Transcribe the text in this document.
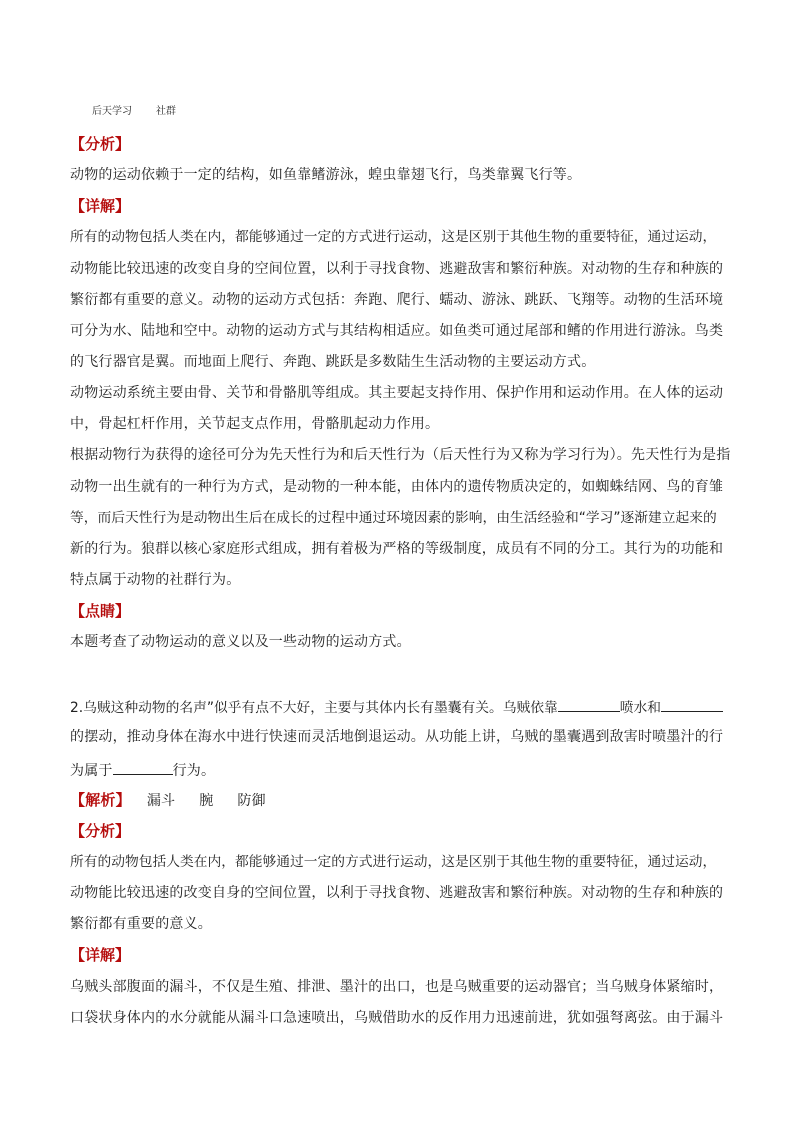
后天学习 社群
【分析】
动物的运动依赖于一定的结构，如鱼靠鳍游泳，蝗虫靠翅飞行，鸟类靠翼飞行等。
【详解】
所有的动物包括人类在内，都能够通过一定的方式进行运动，这是区别于其他生物的重要特征，通过运动，
动物能比较迅速的改变自身的空间位置，以利于寻找食物、逃避敌害和繁衍种族。对动物的生存和种族的
繁衍都有重要的意义。动物的运动方式包括：奔跑、爬行、蠕动、游泳、跳跃、飞翔等。动物的生活环境
可分为水、陆地和空中。动物的运动方式与其结构相适应。如鱼类可通过尾部和鳍的作用进行游泳。鸟类
的飞行器官是翼。而地面上爬行、奔跑、跳跃是多数陆生生活动物的主要运动方式。
动物运动系统主要由骨、关节和骨骼肌等组成。其主要起支持作用、保护作用和运动作用。在人体的运动
中，骨起杠杆作用，关节起支点作用，骨骼肌起动力作用。
根据动物行为获得的途径可分为先天性行为和后天性行为（后天性行为又称为学习行为）。先天性行为是指
动物一出生就有的一种行为方式，是动物的一种本能，由体内的遗传物质决定的，如蜘蛛结网、鸟的育雏
等，而后天性行为是动物出生后在成长的过程中通过环境因素的影响，由生活经验和“学习”逐渐建立起来的
新的行为。狼群以核心家庭形式组成，拥有着极为严格的等级制度，成员有不同的分工。其行为的功能和
特点属于动物的社群行为。
【点睛】
本题考查了动物运动的意义以及一些动物的运动方式。
2.乌贼这种动物的名声”似乎有点不大好，主要与其体内长有墨囊有关。乌贼依靠	喷水和
的摆动，推动身体在海水中进行快速而灵活地倒退运动。从功能上讲，乌贼的墨囊遇到敌害时喷墨汁的行
为属于	行为。
【解析】 漏斗 腕 防御
【分析】
所有的动物包括人类在内，都能够通过一定的方式进行运动，这是区别于其他生物的重要特征，通过运动，
动物能比较迅速的改变自身的空间位置，以利于寻找食物、逃避敌害和繁衍种族。对动物的生存和种族的
繁衍都有重要的意义。
【详解】
乌贼头部腹面的漏斗，不仅是生殖、排泄、墨汁的出口，也是乌贼重要的运动器官；当乌贼身体紧缩时，
口袋状身体内的水分就能从漏斗口急速喷出，乌贼借助水的反作用力迅速前进，犹如强弩离弦。由于漏斗
